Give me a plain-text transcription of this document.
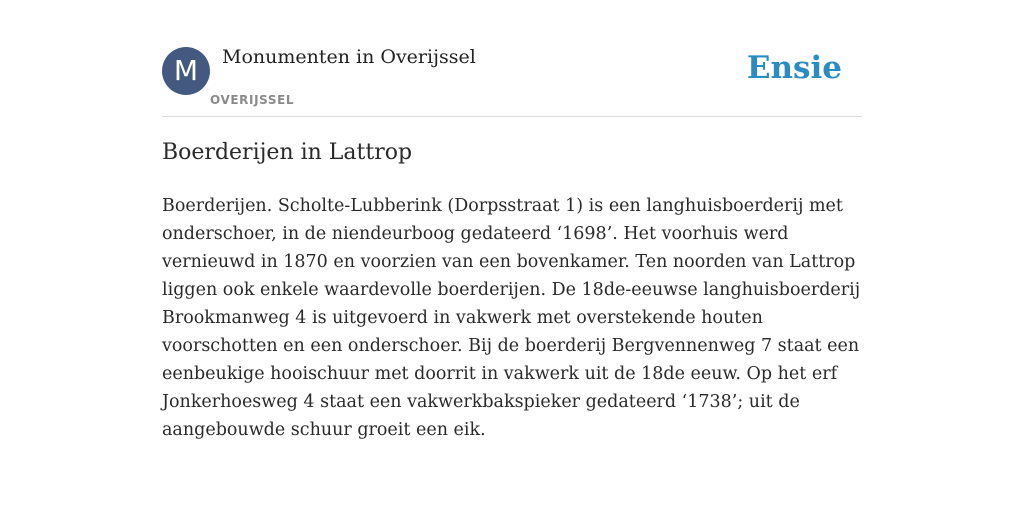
M	Monumenten in Overijssel
OVERIJSSEL
Ensie
Boerderijen in Lattrop

Boerderijen. Scholte-Lubberink (Dorpsstraat 1) is een langhuisboerderij met onderschoer, in de niendeurboog gedateerd ‘1698’. Het voorhuis werd vernieuwd in 1870 en voorzien van een bovenkamer. Ten noorden van Lattrop liggen ook enkele waardevolle boerderijen. De 18de-eeuwse langhuisboerderij Brookmanweg 4 is uitgevoerd in vakwerk met overstekende houten voorschotten en een onderschoer. Bij de boerderij Bergvennenweg 7 staat een eenbeukige hooischuur met doorrit in vakwerk uit de 18de eeuw. Op het erf Jonkerhoesweg 4 staat een vakwerkbakspieker gedateerd ‘1738’; uit de aangebouwde schuur groeit een eik.
